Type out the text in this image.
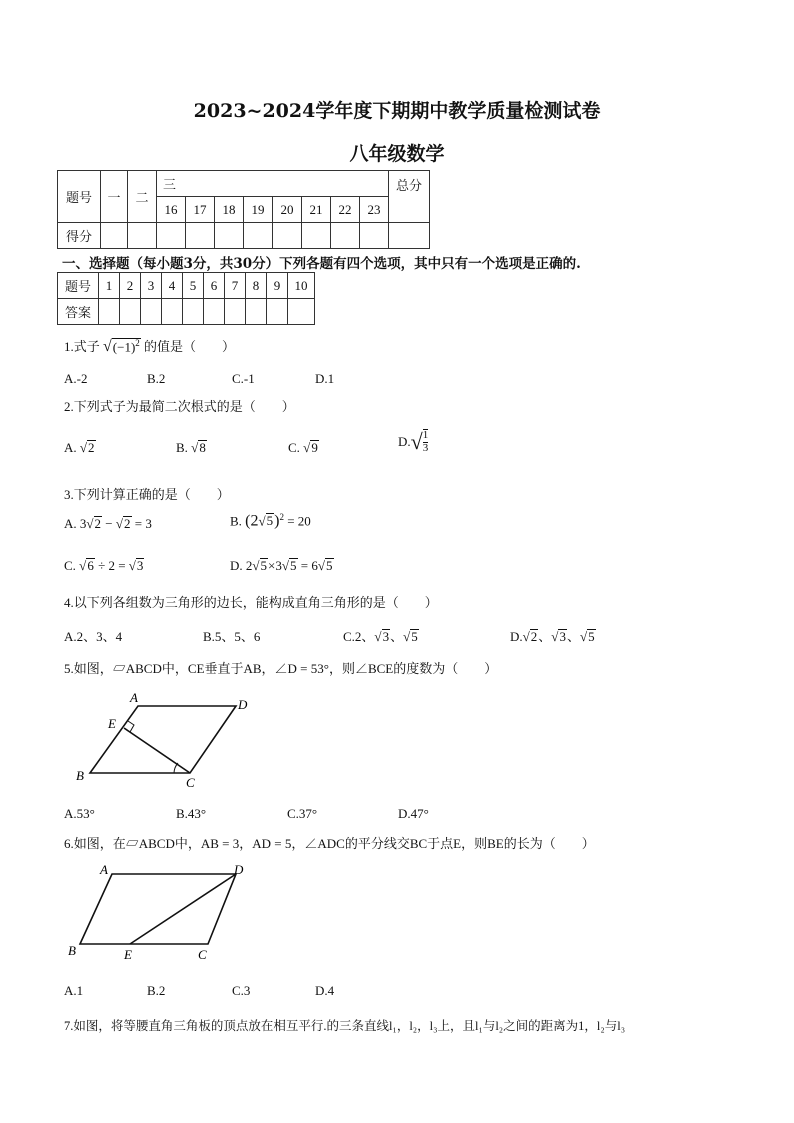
2023~2024学年度下期期中教学质量检测试卷
八年级数学
题号	一	二	三								总分
			16	17	18	19	20	21	22	23	
得分											
一、选择题（每小题3分，共30分）下列各题有四个选项，其中只有一个选项是正确的.
题号	1	2	3	4	5	6	7	8	9	10
答案										
1.式子 $√(-1)^2$ 的值是（　　）
A.-2	B.2	C.-1	D.1
2.下列式子为最简二次根式的是（　　）
A. √2	B. √8	C. √9	$D.√ \frac{1}{3}$
3.下列计算正确的是（　　）
A. 3√2 − √2 = 3	B. $(2√5)^2 = 20$
C. √6 ÷ 2 = √3	D. 2√5×3√5 = 6√5
4.以下列各组数为三角形的边长，能构成直角三角形的是（　　）
A.2、3、4	B.5、5、6	C.2、√3、√5	D.√2、√3、√5
5.如图，▱ABCD中，CE垂直于AB，∠D = 53°，则∠BCE的度数为（　　）
A	D
E
B	C
A.53°	B.43°	C.37°	D.47°
6.如图，在▱ABCD中，AB = 3，AD = 5，∠ADC的平分线交BC于点E，则BE的长为（　　）
A	D
B	E	C
A.1	B.2	C.3	D.4
7.如图，将等腰直角三角板的顶点放在相互平行.的三条直线l₁，l₂，l₃上，且l₁与l₂之间的距离为1，l₂与l₃
